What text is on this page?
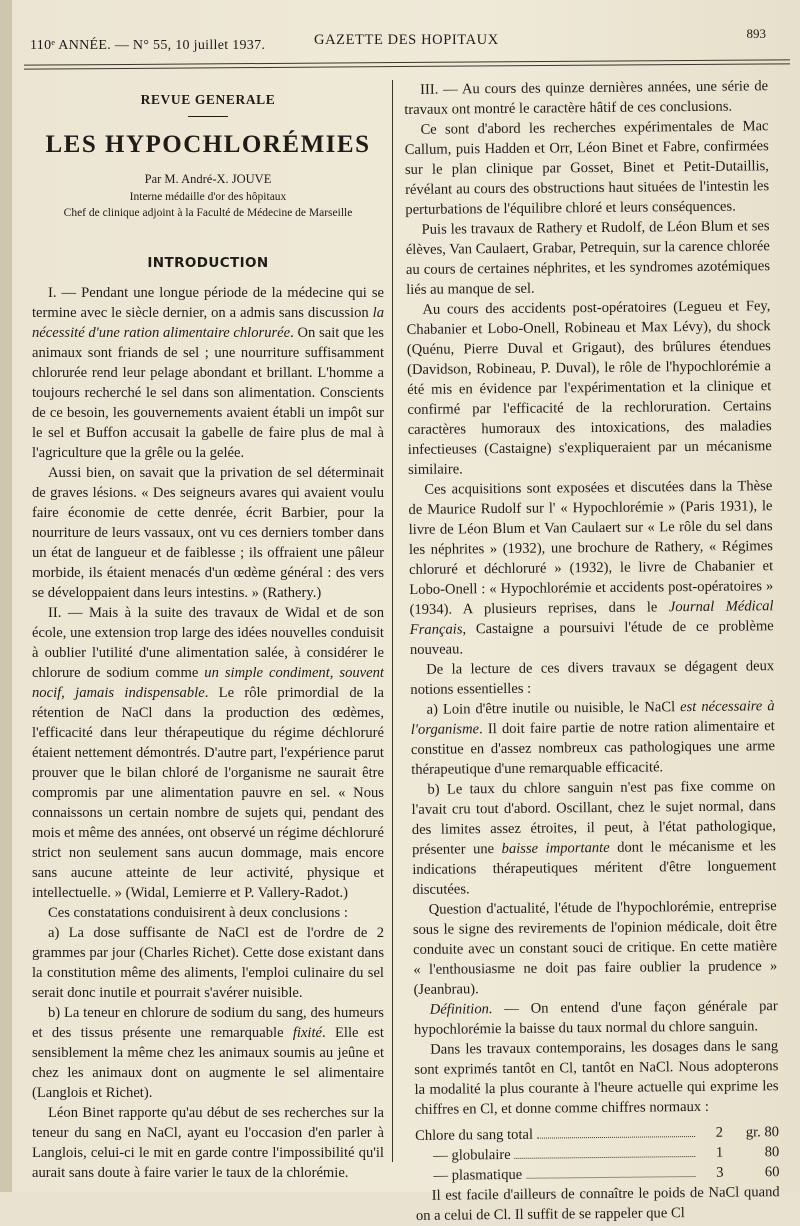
110ᵉ ANNÉE. — N° 55, 10 juillet 1937.	GAZETTE DES HOPITAUX	893
REVUE GENERALE
LES HYPOCHLORÉMIES
Par M. André-X. JOUVE
Interne médaille d'or des hôpitaux
Chef de clinique adjoint à la Faculté de Médecine de Marseille
INTRODUCTION

I. — Pendant une longue période de la médecine qui se termine avec le siècle dernier, on a admis sans discussion la nécessité d'une ration alimentaire chlorurée. On sait que les animaux sont friands de sel ; une nourriture suffisamment chlorurée rend leur pelage abondant et brillant. L'homme a toujours recherché le sel dans son alimentation. Conscients de ce besoin, les gouvernements avaient établi un impôt sur le sel et Buffon accusait la gabelle de faire plus de mal à l'agriculture que la grêle ou la gelée.

Aussi bien, on savait que la privation de sel déterminait de graves lésions. « Des seigneurs avares qui avaient voulu faire économie de cette denrée, écrit Barbier, pour la nourriture de leurs vassaux, ont vu ces derniers tomber dans un état de langueur et de faiblesse ; ils offraient une pâleur morbide, ils étaient menacés d'un œdème général : des vers se développaient dans leurs intestins. » (Rathery.)

II. — Mais à la suite des travaux de Widal et de son école, une extension trop large des idées nouvelles conduisit à oublier l'utilité d'une alimentation salée, à considérer le chlorure de sodium comme un simple condiment, souvent nocif, jamais indispensable. Le rôle primordial de la rétention de NaCl dans la production des œdèmes, l'efficacité dans leur thérapeutique du régime déchloruré étaient nettement démontrés. D'autre part, l'expérience parut prouver que le bilan chloré de l'organisme ne saurait être compromis par une alimentation pauvre en sel. « Nous connaissons un certain nombre de sujets qui, pendant des mois et même des années, ont observé un régime déchloruré strict non seulement sans aucun dommage, mais encore sans aucune atteinte de leur activité, physique et intellectuelle. » (Widal, Lemierre et P. Vallery-Radot.)

Ces constatations conduisirent à deux conclusions :

a) La dose suffisante de NaCl est de l'ordre de 2 grammes par jour (Charles Richet). Cette dose existant dans la constitution même des aliments, l'emploi culinaire du sel serait donc inutile et pourrait s'avérer nuisible.

b) La teneur en chlorure de sodium du sang, des humeurs et des tissus présente une remarquable fixité. Elle est sensiblement la même chez les animaux soumis au jeûne et chez les animaux dont on augmente le sel alimentaire (Langlois et Richet).

Léon Binet rapporte qu'au début de ses recherches sur la teneur du sang en NaCl, ayant eu l'occasion d'en parler à Langlois, celui-ci le mit en garde contre l'impossibilité qu'il aurait sans doute à faire varier le taux de la chlorémie.

III. — Au cours des quinze dernières années, une série de travaux ont montré le caractère hâtif de ces conclusions.

Ce sont d'abord les recherches expérimentales de Mac Callum, puis Hadden et Orr, Léon Binet et Fabre, confirmées sur le plan clinique par Gosset, Binet et Petit-Dutaillis, révélant au cours des obstructions haut situées de l'intestin les perturbations de l'équilibre chloré et leurs conséquences.

Puis les travaux de Rathery et Rudolf, de Léon Blum et ses élèves, Van Caulaert, Grabar, Petrequin, sur la carence chlorée au cours de certaines néphrites, et les syndromes azotémiques liés au manque de sel.

Au cours des accidents post-opératoires (Legueu et Fey, Chabanier et Lobo-Onell, Robineau et Max Lévy), du shock (Quénu, Pierre Duval et Grigaut), des brûlures étendues (Davidson, Robineau, P. Duval), le rôle de l'hypochlorémie a été mis en évidence par l'expérimentation et la clinique et confirmé par l'efficacité de la rechloruration. Certains caractères humoraux des intoxications, des maladies infectieuses (Castaigne) s'expliqueraient par un mécanisme similaire.

Ces acquisitions sont exposées et discutées dans la Thèse de Maurice Rudolf sur l' « Hypochlorémie » (Paris 1931), le livre de Léon Blum et Van Caulaert sur « Le rôle du sel dans les néphrites » (1932), une brochure de Rathery, « Régimes chloruré et déchloruré » (1932), le livre de Chabanier et Lobo-Onell : « Hypochlorémie et accidents post-opératoires » (1934). A plusieurs reprises, dans le Journal Médical Français, Castaigne a poursuivi l'étude de ce problème nouveau.

De la lecture de ces divers travaux se dégagent deux notions essentielles :

a) Loin d'être inutile ou nuisible, le NaCl est nécessaire à l'organisme. Il doit faire partie de notre ration alimentaire et constitue en d'assez nombreux cas pathologiques une arme thérapeutique d'une remarquable efficacité.

b) Le taux du chlore sanguin n'est pas fixe comme on l'avait cru tout d'abord. Oscillant, chez le sujet normal, dans des limites assez étroites, il peut, à l'état pathologique, présenter une baisse importante dont le mécanisme et les indications thérapeutiques méritent d'être longuement discutées.

Question d'actualité, l'étude de l'hypochlorémie, entreprise sous le signe des revirements de l'opinion médicale, doit être conduite avec un constant souci de critique. En cette matière « l'enthousiasme ne doit pas faire oublier la prudence » (Jeanbrau).

Définition. — On entend d'une façon générale par hypochlorémie la baisse du taux normal du chlore sanguin.

Dans les travaux contemporains, les dosages dans le sang sont exprimés tantôt en Cl, tantôt en NaCl. Nous adopterons la modalité la plus courante à l'heure actuelle qui exprime les chiffres en Cl, et donne comme chiffres normaux :

Chlore du sang total	2	gr. 80
— globulaire	1	80
— plasmatique	3	60

Il est facile d'ailleurs de connaître le poids de NaCl quand on a celui de Cl. Il suffit de se rappeler que Cl
